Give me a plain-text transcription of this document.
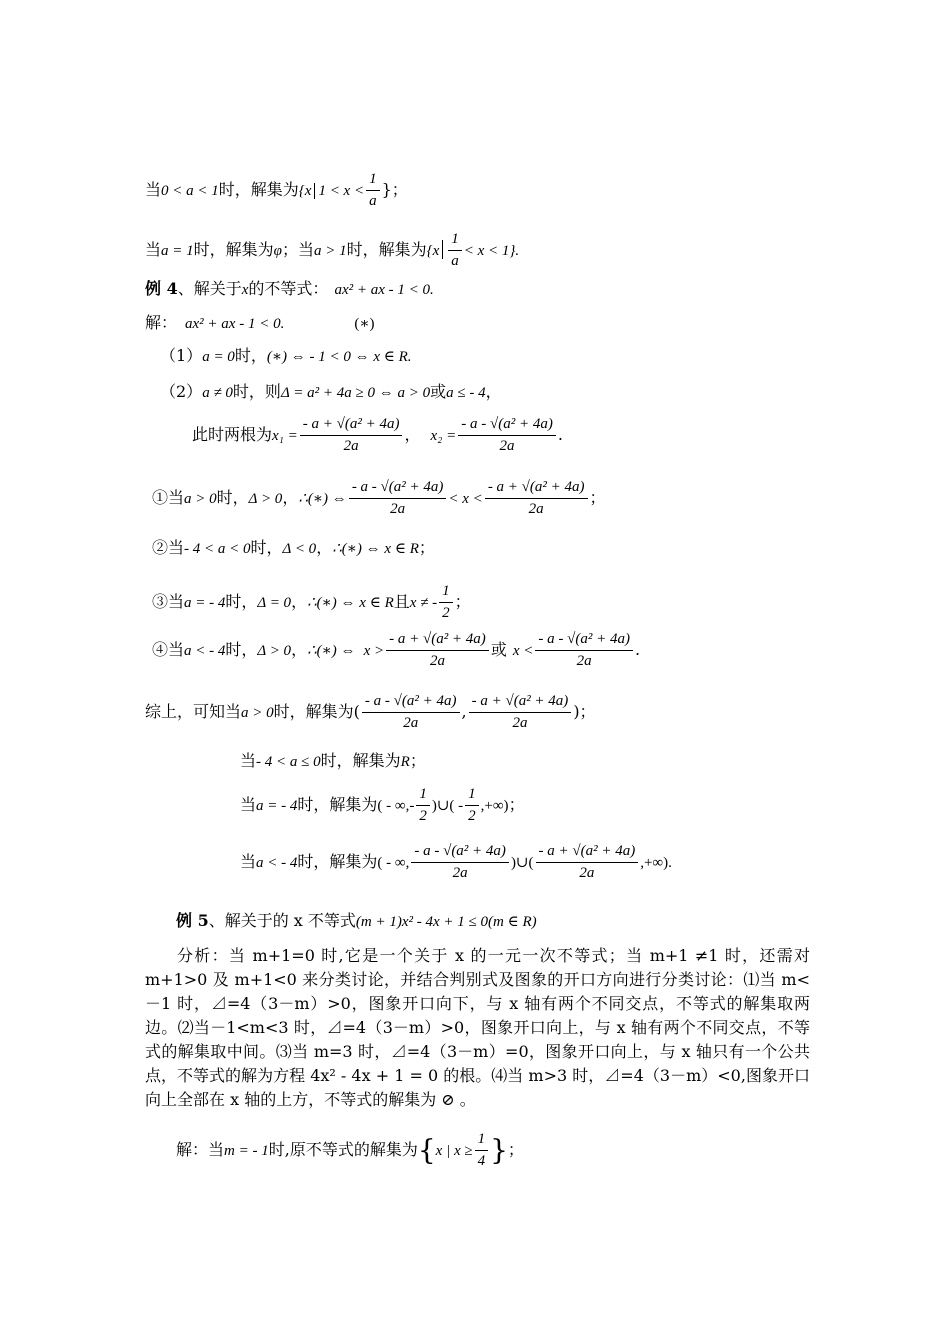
当0 < a < 1时，解集为{x $1 < x < \frac{1}{a}$ }；
当a = 1时，解集为φ；当a > 1时，解集为$\{x \frac{1}{a} < x < 1\}$.
例 4、解关于x的不等式： ax² + ax - 1 < 0.
解： ax² + ax - 1 < 0.	(∗)
（1）a = 0时，(∗) ⇔ - 1 < 0 ⇔ x ∈ R.
（2）a ≠ 0时，则Δ = a² + 4a ≥ 0 ⇔ a > 0或a ≤ - 4，
此时两根为$x_1 = \frac{\text{- a + √(a² + 4a)}}{2a}$ ， $x_2 = \frac{\text{- a - √(a² + 4a)}}{2a}$ .
①当a > 0时，Δ > 0，∴(∗) ⇔ $\frac{\text{- a - √(a² + 4a)}}{2a} < x < \frac{\text{- a + √(a² + 4a)}}{2a}$ ；
②当- 4 < a < 0时，Δ < 0，∴(∗) ⇔ x ∈ R；
③当a = - 4时，Δ = 0，∴(∗) ⇔ x ∈ R且x ≠ - $\frac{1}{2}$ ；
④当a < - 4时，Δ > 0，∴(∗) ⇔ $x > \frac{\text{- a + √(a² + 4a)}}{2a}$ 或 $x < \frac{\text{- a - √(a² + 4a)}}{2a}$ .
综上，可知当a > 0时，解集为( $\frac{\text{- a - √(a² + 4a)}}{2a}$ , $\frac{\text{- a + √(a² + 4a)}}{2a}$ )；
当- 4 < a ≤ 0时，解集为R；
当a = - 4时，解集为( - ∞,- $\frac{1}{2}$ )∪( - $\frac{1}{2}$ ,+∞)；
当a < - 4时，解集为( - ∞, $\frac{\text{- a - √(a² + 4a)}}{2a}$ )∪( $\frac{\text{- a + √(a² + 4a)}}{2a}$ ,+∞).
例 5、解关于的 x 不等式(m + 1)x² - 4x + 1 ≤ 0(m ∈ R)
分析：当 m+1=0 时,它是一个关于 x 的一元一次不等式；当 m+1 ≠1 时，还需对 m+1>0 及 m+1<0 来分类讨论，并结合判别式及图象的开口方向进行分类讨论：⑴当 m<－1 时，⊿=4（3－m）>0，图象开口向下，与 x 轴有两个不同交点，不等式的解集取两边。⑵当－1<m<3 时，⊿=4（3－m）>0，图象开口向上，与 x 轴有两个不同交点，不等式的解集取中间。⑶当 m=3 时，⊿=4（3－m）=0，图象开口向上，与 x 轴只有一个公共点，不等式的解为方程 4x² - 4x + 1 = 0 的根。⑷当 m>3 时，⊿=4（3－m）<0,图象开口向上全部在 x 轴的上方，不等式的解集为 ⊘ 。
解：当m = - 1时,原不等式的解集为{x | $x \ge \frac{1}{4}$ }；
